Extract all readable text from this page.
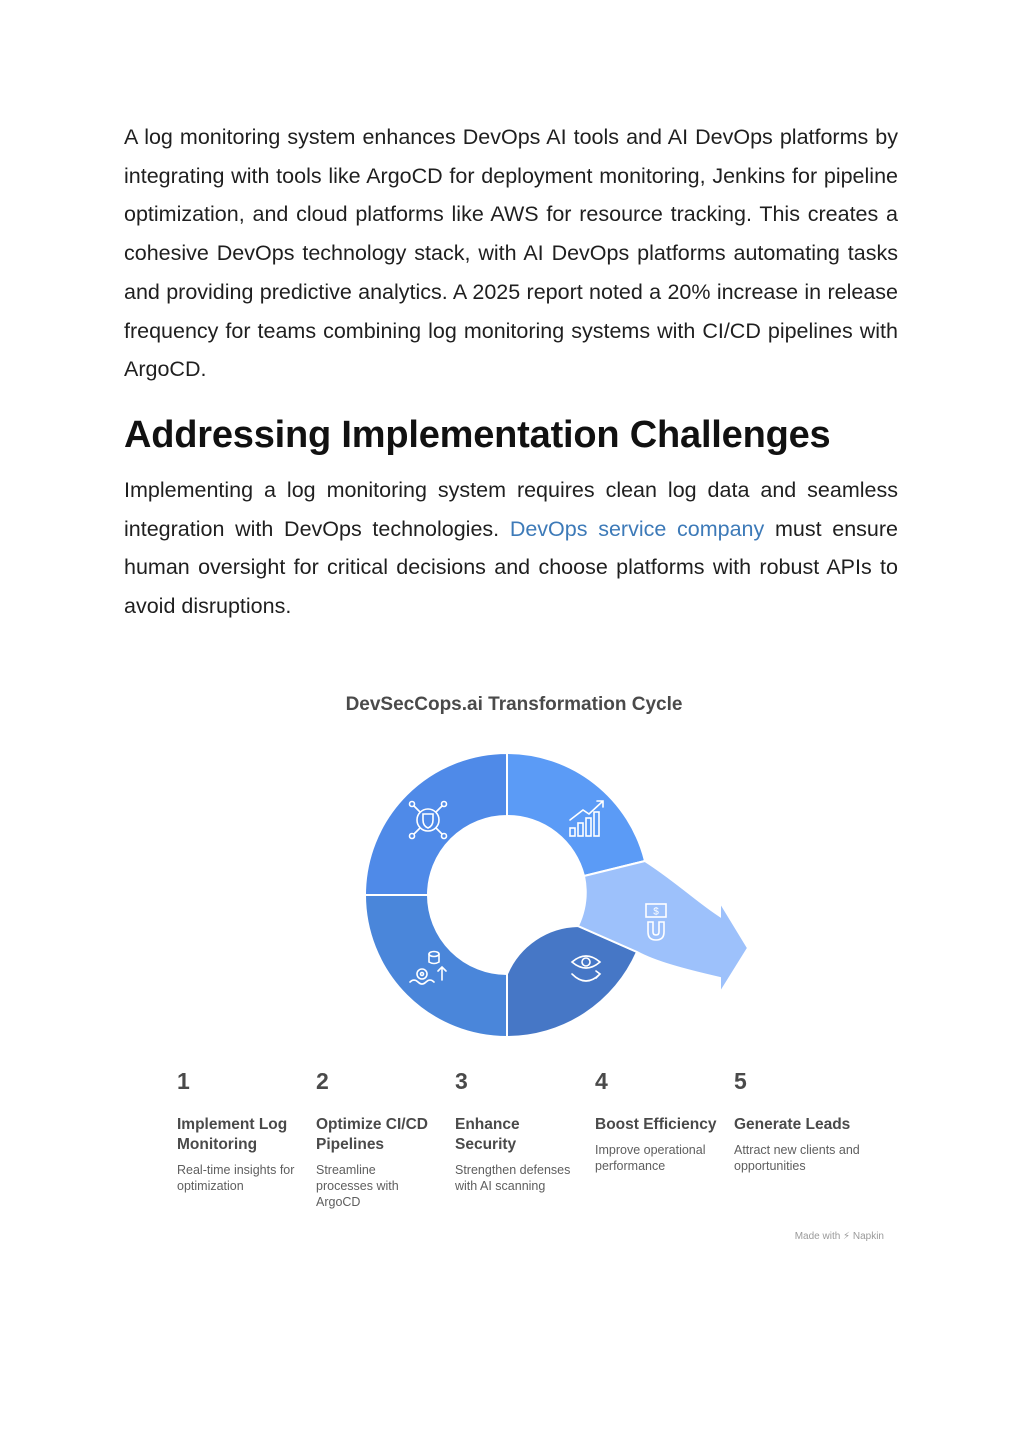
A log monitoring system enhances DevOps AI tools and AI DevOps platforms by integrating with tools like ArgoCD for deployment monitoring, Jenkins for pipeline optimization, and cloud platforms like AWS for resource tracking. This creates a cohesive DevOps technology stack, with AI DevOps platforms automating tasks and providing predictive analytics. A 2025 report noted a 20% increase in release frequency for teams combining log monitoring systems with CI/CD pipelines with ArgoCD.

Addressing Implementation Challenges

Implementing a log monitoring system requires clean log data and seamless integration with DevOps technologies. DevOps service company must ensure human oversight for critical decisions and choose platforms with robust APIs to avoid disruptions.

DevSecCops.ai Transformation Cycle
$
1
Implement Log Monitoring
Real-time insights for optimization
2
Optimize CI/CD Pipelines
Streamline processes with ArgoCD
3
Enhance Security
Strengthen defenses with AI scanning
4
Boost Efficiency
Improve operational performance
5
Generate Leads
Attract new clients and opportunities
Made with ⚡ Napkin
